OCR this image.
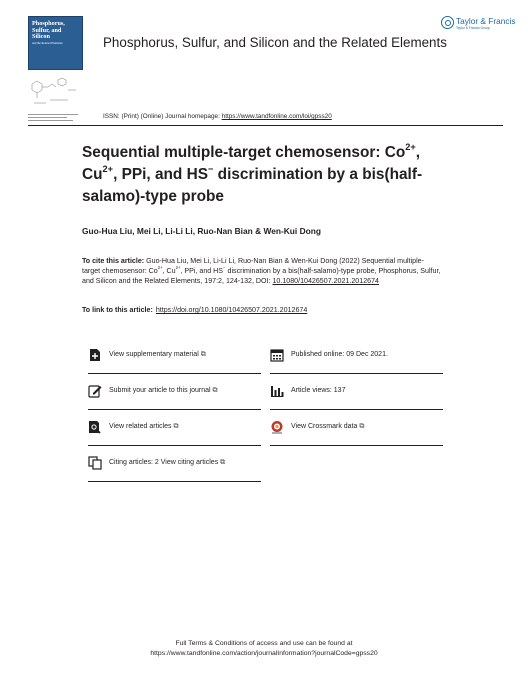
Phosphorus,
Sulfur, and
Silicon
and the Related Elements	Phosphorus, Sulfur, and Silicon and the Related Elements
Taylor & Francis
Taylor & Francis Group
ISSN: (Print) (Online) Journal homepage: https://www.tandfonline.com/loi/gpss20
Sequential multiple-target chemosensor: $Co^{2+}$,
$Cu^{2+}$, PPi, and HS− discrimination by a bis(half-
salamo)-type probe
Guo-Hua Liu, Mei Li, Li-Li Li, Ruo-Nan Bian & Wen-Kui Dong
To cite this article: Guo-Hua Liu, Mei Li, Li-Li Li, Ruo-Nan Bian & Wen-Kui Dong (2022) Sequential multiple-target chemosensor: $Co^{2+}$, $Cu^{2+}$, PPi, and HS− discrimination by a bis(half-salamo)-type probe, Phosphorus, Sulfur, and Silicon and the Related Elements, 197:2, 124-132, DOI: 10.1080/10426507.2021.2012674
To link to this article: https://doi.org/10.1080/10426507.2021.2012674
View supplementary material ⧉	Published online: 09 Dec 2021.
Submit your article to this journal ⧉	Article views: 137
View related articles ⧉	View Crossmark data ⧉
Citing articles: 2 View citing articles ⧉
Full Terms & Conditions of access and use can be found at
https://www.tandfonline.com/action/journalInformation?journalCode=gpss20
